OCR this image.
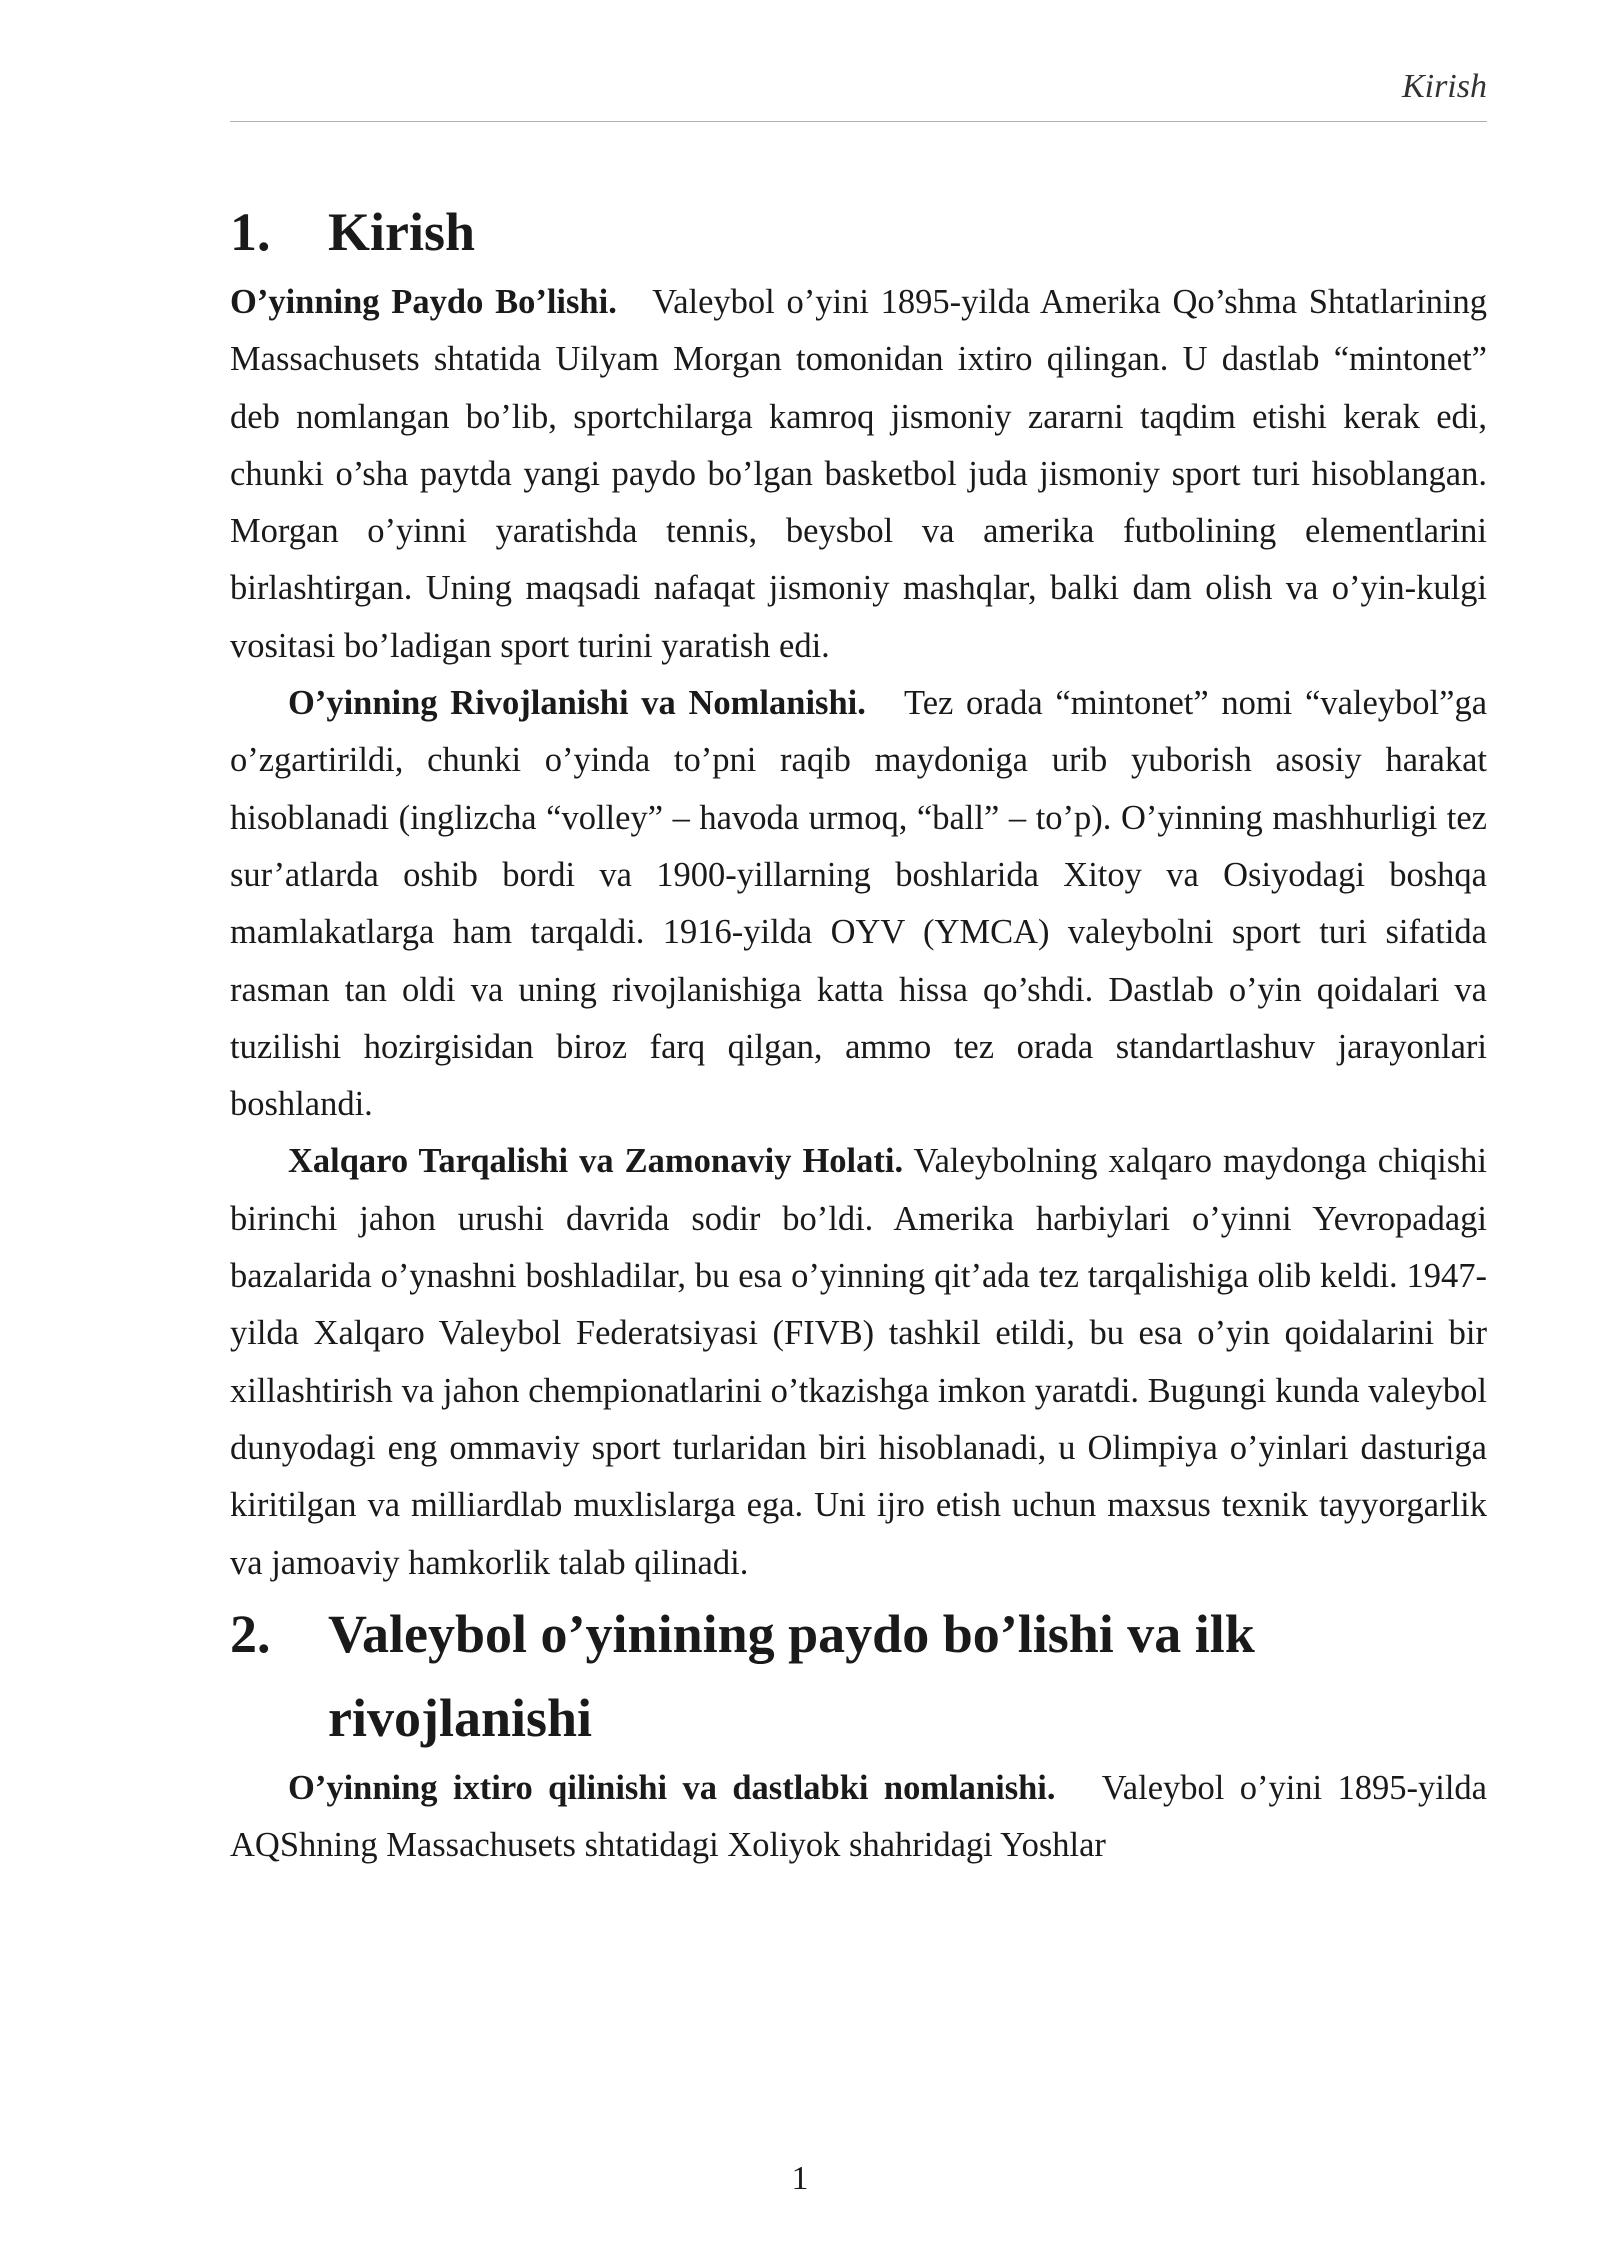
Kirish
1.	Kirish

O’yinning Paydo Bo’lishi. Valeybol o’yini 1895-yilda Amerika Qo’shma Shtatlarining Massachusets shtatida Uilyam Morgan tomonidan ixtiro qilingan. U dastlab “mintonet” deb nomlangan bo’lib, sportchilarga kamroq jismoniy zararni taqdim etishi kerak edi, chunki o’sha paytda yangi paydo bo’lgan basketbol juda jismoniy sport turi hisoblangan. Morgan o’yinni yaratishda tennis, beysbol va amerika futbolining elementlarini birlashtirgan. Uning maqsadi nafaqat jismoniy mashqlar, balki dam olish va o’yin-kulgi vositasi bo’ladigan sport turini yaratish edi.

O’yinning Rivojlanishi va Nomlanishi. Tez orada “mintonet” nomi “valeybol”ga o’zgartirildi, chunki o’yinda to’pni raqib maydoniga urib yuborish asosiy harakat hisoblanadi (inglizcha “volley” – havoda urmoq, “ball” – to’p). O’yinning mashhurligi tez sur’atlarda oshib bordi va 1900-yillarning boshlarida Xitoy va Osiyodagi boshqa mamlakatlarga ham tarqaldi. 1916-yilda OYV (YMCA) valeybolni sport turi sifatida rasman tan oldi va uning rivojlanishiga katta hissa qo’shdi. Dastlab o’yin qoidalari va tuzilishi hozirgisidan biroz farq qilgan, ammo tez orada standartlashuv jarayonlari boshlandi.

Xalqaro Tarqalishi va Zamonaviy Holati. Valeybolning xalqaro maydonga chiqishi birinchi jahon urushi davrida sodir bo’ldi. Amerika harbiylari o’yinni Yevropadagi bazalarida o’ynashni boshladilar, bu esa o’yinning qit’ada tez tarqalishiga olib keldi. 1947-yilda Xalqaro Valeybol Federatsiyasi (FIVB) tashkil etildi, bu esa o’yin qoidalarini bir xillashtirish va jahon chempionatlarini o’tkazishga imkon yaratdi. Bugungi kunda valeybol dunyodagi eng ommaviy sport turlaridan biri hisoblanadi, u Olimpiya o’yinlari dasturiga kiritilgan va milliardlab muxlislarga ega. Uni ijro etish uchun maxsus texnik tayyorgarlik va jamoaviy hamkorlik talab qilinadi.

2.	Valeybol o’yinining paydo bo’lishi va ilk rivojlanishi

O’yinning ixtiro qilinishi va dastlabki nomlanishi. Valeybol o’yini 1895-yilda AQShning Massachusets shtatidagi Xoliyok shahridagi Yoshlar

1
